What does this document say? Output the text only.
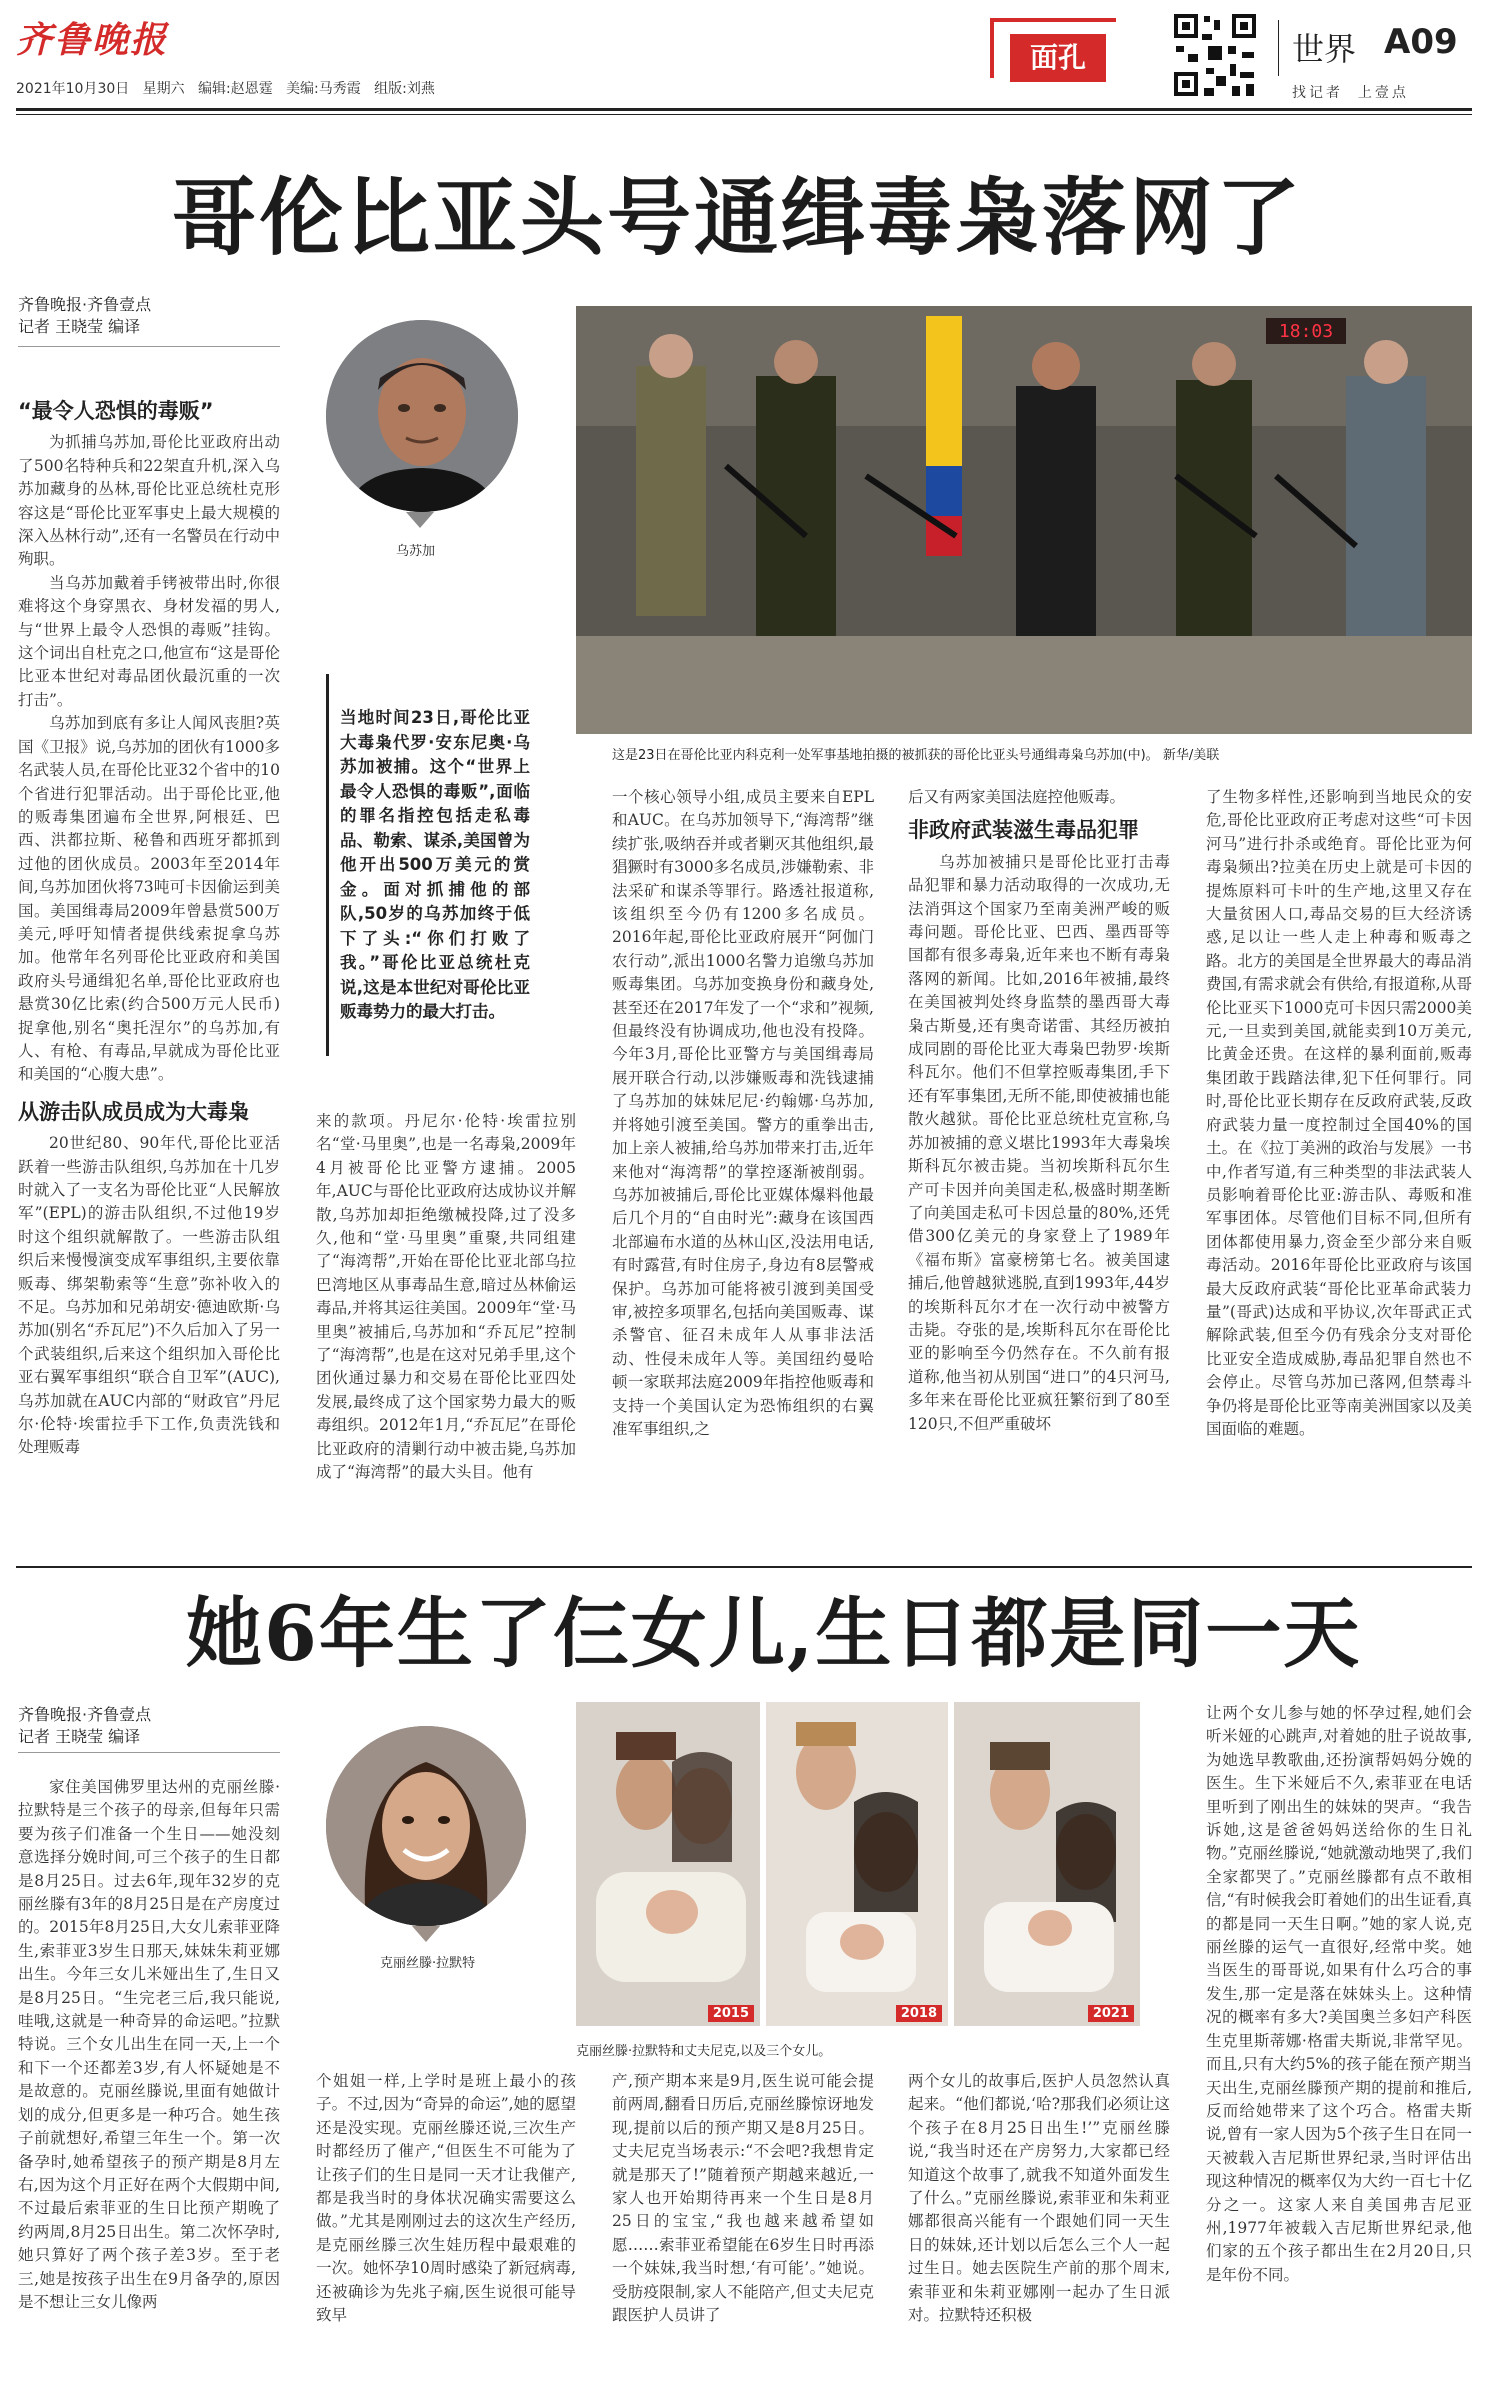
齐鲁晚报
2021年10月30日 星期六 编辑:赵恩霆 美编:马秀霞 组版:刘燕
面孔	世界 A09
找记者  上壹点
哥伦比亚头号通缉毒枭落网了
齐鲁晚报·齐鲁壹点
记者 王晓莹 编译
乌苏加
18:03
这是23日在哥伦比亚内科克利一处军事基地拍摄的被抓获的哥伦比亚头号通缉毒枭乌苏加(中)。 新华/美联
“最令人恐惧的毒贩”

为抓捕乌苏加,哥伦比亚政府出动了500名特种兵和22架直升机,深入乌苏加藏身的丛林,哥伦比亚总统杜克形容这是“哥伦比亚军事史上最大规模的深入丛林行动”,还有一名警员在行动中殉职。

当乌苏加戴着手铐被带出时,你很难将这个身穿黑衣、身材发福的男人,与“世界上最令人恐惧的毒贩”挂钩。这个词出自杜克之口,他宣布“这是哥伦比亚本世纪对毒品团伙最沉重的一次打击”。

乌苏加到底有多让人闻风丧胆?英国《卫报》说,乌苏加的团伙有1000多名武装人员,在哥伦比亚32个省中的10个省进行犯罪活动。出于哥伦比亚,他的贩毒集团遍布全世界,阿根廷、巴西、洪都拉斯、秘鲁和西班牙都抓到过他的团伙成员。2003年至2014年间,乌苏加团伙将73吨可卡因偷运到美国。美国缉毒局2009年曾悬赏500万美元,呼吁知情者提供线索捉拿乌苏加。他常年名列哥伦比亚政府和美国政府头号通缉犯名单,哥伦比亚政府也悬赏30亿比索(约合500万元人民币)捉拿他,别名“奥托涅尔”的乌苏加,有人、有枪、有毒品,早就成为哥伦比亚和美国的“心腹大患”。

从游击队成员成为大毒枭

20世纪80、90年代,哥伦比亚活跃着一些游击队组织,乌苏加在十几岁时就入了一支名为哥伦比亚“人民解放军”(EPL)的游击队组织,不过他19岁时这个组织就解散了。一些游击队组织后来慢慢演变成军事组织,主要依靠贩毒、绑架勒索等“生意”弥补收入的不足。乌苏加和兄弟胡安·德迪欧斯·乌苏加(别名“乔瓦尼”)不久后加入了另一个武装组织,后来这个组织加入哥伦比亚右翼军事组织“联合自卫军”(AUC),乌苏加就在AUC内部的“财政官”丹尼尔·伦特·埃雷拉手下工作,负责洗钱和处理贩毒

当地时间23日,哥伦比亚大毒枭代罗·安东尼奥·乌苏加被捕。这个“世界上最令人恐惧的毒贩”,面临的罪名指控包括走私毒品、勒索、谋杀,美国曾为他开出500万美元的赏金。面对抓捕他的部队,50岁的乌苏加终于低下了头:“你们打败了我。”哥伦比亚总统杜克说,这是本世纪对哥伦比亚贩毒势力的最大打击。

来的款项。丹尼尔·伦特·埃雷拉别名“堂·马里奥”,也是一名毒枭,2009年4月被哥伦比亚警方逮捕。2005年,AUC与哥伦比亚政府达成协议并解散,乌苏加却拒绝缴械投降,过了没多久,他和“堂·马里奥”重聚,共同组建了“海湾帮”,开始在哥伦比亚北部乌拉巴湾地区从事毒品生意,暗过丛林偷运毒品,并将其运往美国。2009年“堂·马里奥”被捕后,乌苏加和“乔瓦尼”控制了“海湾帮”,也是在这对兄弟手里,这个团伙通过暴力和交易在哥伦比亚四处发展,最终成了这个国家势力最大的贩毒组织。2012年1月,“乔瓦尼”在哥伦比亚政府的清剿行动中被击毙,乌苏加成了“海湾帮”的最大头目。他有

一个核心领导小组,成员主要来自EPL和AUC。在乌苏加领导下,“海湾帮”继续扩张,吸纳吞并或者剿灭其他组织,最猖獗时有3000多名成员,涉嫌勒索、非法采矿和谋杀等罪行。路透社报道称,该组织至今仍有1200多名成员。2016年起,哥伦比亚政府展开“阿伽门农行动”,派出1000名警力追缴乌苏加贩毒集团。乌苏加变换身份和藏身处,甚至还在2017年发了一个“求和”视频,但最终没有协调成功,他也没有投降。今年3月,哥伦比亚警方与美国缉毒局展开联合行动,以涉嫌贩毒和洗钱逮捕了乌苏加的妹妹尼尼·约翰娜·乌苏加,并将她引渡至美国。警方的重拳出击,加上亲人被捕,给乌苏加带来打击,近年来他对“海湾帮”的掌控逐渐被削弱。乌苏加被捕后,哥伦比亚媒体爆料他最后几个月的“自由时光”:藏身在该国西北部遍布水道的丛林山区,没法用电话,有时露营,有时住房子,身边有8层警戒保护。乌苏加可能将被引渡到美国受审,被控多项罪名,包括向美国贩毒、谋杀警官、征召未成年人从事非法活动、性侵未成年人等。美国纽约曼哈顿一家联邦法庭2009年指控他贩毒和支持一个美国认定为恐怖组织的右翼准军事组织,之

后又有两家美国法庭控他贩毒。

非政府武装滋生毒品犯罪

乌苏加被捕只是哥伦比亚打击毒品犯罪和暴力活动取得的一次成功,无法消弭这个国家乃至南美洲严峻的贩毒问题。哥伦比亚、巴西、墨西哥等国都有很多毒枭,近年来也不断有毒枭落网的新闻。比如,2016年被捕,最终在美国被判处终身监禁的墨西哥大毒枭古斯曼,还有奥奇诺雷、其经历被拍成同剧的哥伦比亚大毒枭巴勃罗·埃斯科瓦尔。他们不但掌控贩毒集团,手下还有军事集团,无所不能,即使被捕也能散火越狱。哥伦比亚总统杜克宣称,乌苏加被捕的意义堪比1993年大毒枭埃斯科瓦尔被击毙。当初埃斯科瓦尔生产可卡因并向美国走私,极盛时期垄断了向美国走私可卡因总量的80%,还凭借300亿美元的身家登上了1989年《福布斯》富豪榜第七名。被美国逮捕后,他曾越狱逃脱,直到1993年,44岁的埃斯科瓦尔才在一次行动中被警方击毙。夺张的是,埃斯科瓦尔在哥伦比亚的影响至今仍然存在。不久前有报道称,他当初从别国“进口”的4只河马,多年来在哥伦比亚疯狂繁衍到了80至120只,不但严重破坏

了生物多样性,还影响到当地民众的安危,哥伦比亚政府正考虑对这些“可卡因河马”进行扑杀或绝育。哥伦比亚为何毒枭频出?拉美在历史上就是可卡因的提炼原料可卡叶的生产地,这里又存在大量贫困人口,毒品交易的巨大经济诱惑,足以让一些人走上种毒和贩毒之路。北方的美国是全世界最大的毒品消费国,有需求就会有供给,有报道称,从哥伦比亚买下1000克可卡因只需2000美元,一旦卖到美国,就能卖到10万美元,比黄金还贵。在这样的暴利面前,贩毒集团敢于践踏法律,犯下任何罪行。同时,哥伦比亚长期存在反政府武装,反政府武装力量一度控制过全国40%的国土。在《拉丁美洲的政治与发展》一书中,作者写道,有三种类型的非法武装人员影响着哥伦比亚:游击队、毒贩和准军事团体。尽管他们目标不同,但所有团体都使用暴力,资金至少部分来自贩毒活动。2016年哥伦比亚政府与该国最大反政府武装“哥伦比亚革命武装力量”(哥武)达成和平协议,次年哥武正式解除武装,但至今仍有残余分支对哥伦比亚安全造成威胁,毒品犯罪自然也不会停止。尽管乌苏加已落网,但禁毒斗争仍将是哥伦比亚等南美洲国家以及美国面临的难题。

她6年生了仨女儿,生日都是同一天
齐鲁晚报·齐鲁壹点
记者 王晓莹 编译
克丽丝滕·拉默特
2015	2018	2021
克丽丝滕·拉默特和丈夫尼克,以及三个女儿。

家住美国佛罗里达州的克丽丝滕·拉默特是三个孩子的母亲,但每年只需要为孩子们准备一个生日——她没刻意选择分娩时间,可三个孩子的生日都是8月25日。过去6年,现年32岁的克丽丝滕有3年的8月25日是在产房度过的。2015年8月25日,大女儿索菲亚降生,索菲亚3岁生日那天,妹妹朱莉亚娜出生。今年三女儿米娅出生了,生日又是8月25日。“生完老三后,我只能说,哇哦,这就是一种奇异的命运吧。”拉默特说。三个女儿出生在同一天,上一个和下一个还都差3岁,有人怀疑她是不是故意的。克丽丝滕说,里面有她做计划的成分,但更多是一种巧合。她生孩子前就想好,希望三年生一个。第一次备孕时,她希望孩子的预产期是8月左右,因为这个月正好在两个大假期中间,不过最后索菲亚的生日比预产期晚了约两周,8月25日出生。第二次怀孕时,她只算好了两个孩子差3岁。至于老三,她是按孩子出生在9月备孕的,原因是不想让三女儿像两

个姐姐一样,上学时是班上最小的孩子。不过,因为“奇异的命运”,她的愿望还是没实现。克丽丝滕还说,三次生产时都经历了催产,“但医生不可能为了让孩子们的生日是同一天才让我催产,都是我当时的身体状况确实需要这么做。”尤其是刚刚过去的这次生产经历,是克丽丝滕三次生娃历程中最艰难的一次。她怀孕10周时感染了新冠病毒,还被确诊为先兆子痫,医生说很可能导致早

产,预产期本来是9月,医生说可能会提前两周,翻看日历后,克丽丝滕惊讶地发现,提前以后的预产期又是8月25日。丈夫尼克当场表示:“不会吧?我想肯定就是那天了!”随着预产期越来越近,一家人也开始期待再来一个生日是8月25日的宝宝,“我也越来越希望如愿……索菲亚希望能在6岁生日时再添一个妹妹,我当时想,‘有可能’。”她说。受肪疫限制,家人不能陪产,但丈夫尼克跟医护人员讲了

两个女儿的故事后,医护人员忽然认真起来。“他们都说,‘哈?那我们必须让这个孩子在8月25日出生!’”克丽丝滕说,“我当时还在产房努力,大家都已经知道这个故事了,就我不知道外面发生了什么。”克丽丝滕说,索菲亚和朱莉亚娜都很高兴能有一个跟她们同一天生日的妹妹,还计划以后怎么三个人一起过生日。她去医院生产前的那个周末,索菲亚和朱莉亚娜刚一起办了生日派对。拉默特还积极

让两个女儿参与她的怀孕过程,她们会听米娅的心跳声,对着她的肚子说故事,为她选早教歌曲,还扮演帮妈妈分娩的医生。生下米娅后不久,索菲亚在电话里听到了刚出生的妹妹的哭声。“我告诉她,这是爸爸妈妈送给你的生日礼物。”克丽丝滕说,“她就激动地哭了,我们全家都哭了。”克丽丝滕都有点不敢相信,“有时候我会盯着她们的出生证看,真的都是同一天生日啊。”她的家人说,克丽丝滕的运气一直很好,经常中奖。她当医生的哥哥说,如果有什么巧合的事发生,那一定是落在妹妹头上。这种情况的概率有多大?美国奥兰多妇产科医生克里斯蒂娜·格雷夫斯说,非常罕见。而且,只有大约5%的孩子能在预产期当天出生,克丽丝滕预产期的提前和推后,反而给她带来了这个巧合。格雷夫斯说,曾有一家人因为5个孩子生日在同一天被载入吉尼斯世界纪录,当时评估出现这种情况的概率仅为大约一百七十亿分之一。这家人来自美国弗吉尼亚州,1977年被载入吉尼斯世界纪录,他们家的五个孩子都出生在2月20日,只是年份不同。
